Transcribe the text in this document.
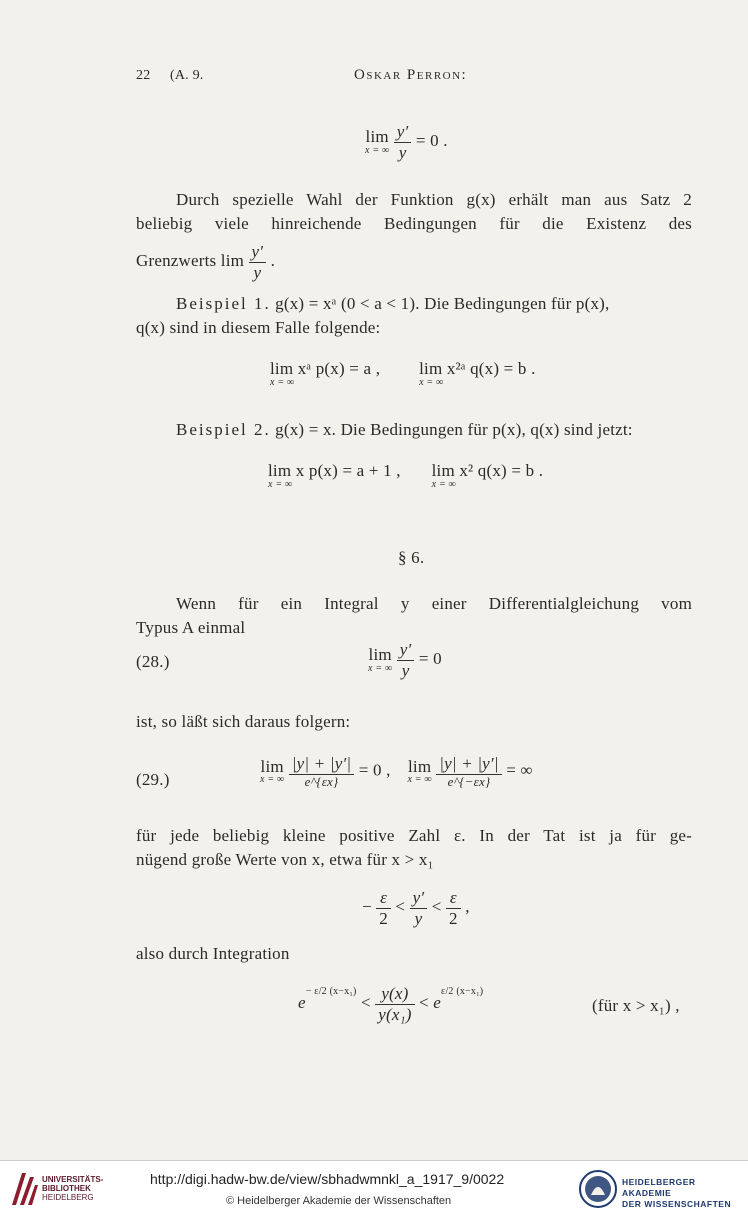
22 (A. 9.	Oskar Perron:
lim
x = ∞
$\frac{y'}{y} = 0$ .
Durch spezielle Wahl der Funktion g(x) erhält man aus Satz 2
beliebig viele hinreichende Bedingungen für die Existenz des
Grenzwerts $\lim \frac{y'}{y}$ .
Beispiel 1. g(x) = xᵃ (0 < a < 1). Die Bedingungen für p(x),
q(x) sind in diesem Falle folgende:
lim xᵃ p(x) = a ,
x = ∞
lim x²ᵃ q(x) = b .
x = ∞
Beispiel 2. g(x) = x. Die Bedingungen für p(x), q(x) sind jetzt:
lim x p(x) = a + 1 ,
x = ∞
lim x² q(x) = b .
x = ∞
§ 6.
Wenn für ein Integral y einer Differentialgleichung vom
Typus A einmal
(28.)	lim
x = ∞
$\frac{y'}{y} = 0$
ist, so läßt sich daraus folgern:
(29.)
lim
x = ∞
$\frac{|y| + |y'|}{e\^{}\{\varepsilon x\}} = 0$ , lim
x = ∞
$\frac{|y| + |y'|}{e\^{}\{-\varepsilon x\}}$ = ∞
für jede beliebig kleine positive Zahl ε. In der Tat ist ja für ge-
nügend große Werte von x, etwa für x > x₁
− $\frac{\varepsilon}{2} < \frac{y'}{y} < \frac{\varepsilon}{2}$ ,
also durch Integration
$e^{- \varepsilon/2 (x-x_1)} < \frac{y(x)}{\text{y(x₁)}} < e^{\varepsilon/2 (x-x_1)}$
(für x > x₁) ,
UNIVERSITÄTS-
BIBLIOTHEK
HEIDELBERG
http://digi.hadw-bw.de/view/sbhadwmnkl_a_1917_9/0022
© Heidelberger Akademie der Wissenschaften
HEIDELBERGER AKADEMIE
DER WISSENSCHAFTEN
